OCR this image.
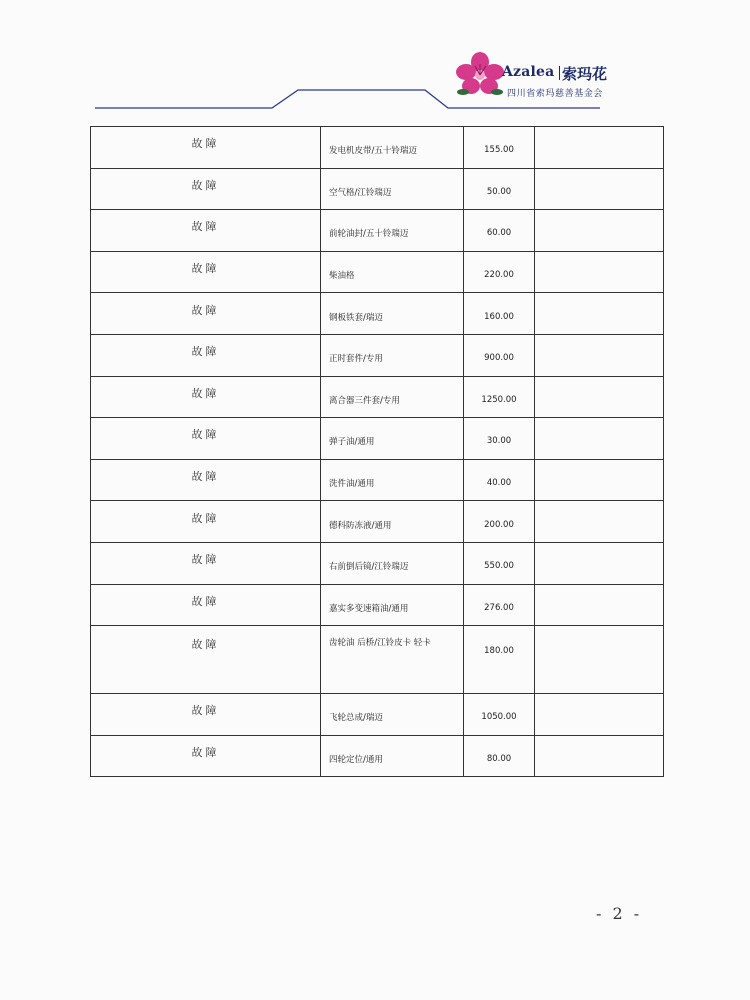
Azalea 索玛花
四川省索玛慈善基金会
故障	发电机皮带/五十铃瑞迈	155.00	
故障	空气格/江铃瑞迈	50.00	
故障	前轮油封/五十铃瑞迈	60.00	
故障	柴油格	220.00	
故障	钢板铁套/瑞迈	160.00	
故障	正时套件/专用	900.00	
故障	离合器三件套/专用	1250.00	
故障	弹子油/通用	30.00	
故障	洗件油/通用	40.00	
故障	德科防冻液/通用	200.00	
故障	右前倒后镜/江铃瑞迈	550.00	
故障	嘉实多变速箱油/通用	276.00	
故障	齿轮油 后桥/江铃皮卡 轻卡	180.00	
故障	飞轮总成/瑞迈	1050.00	
故障	四轮定位/通用	80.00	
- 2 -
